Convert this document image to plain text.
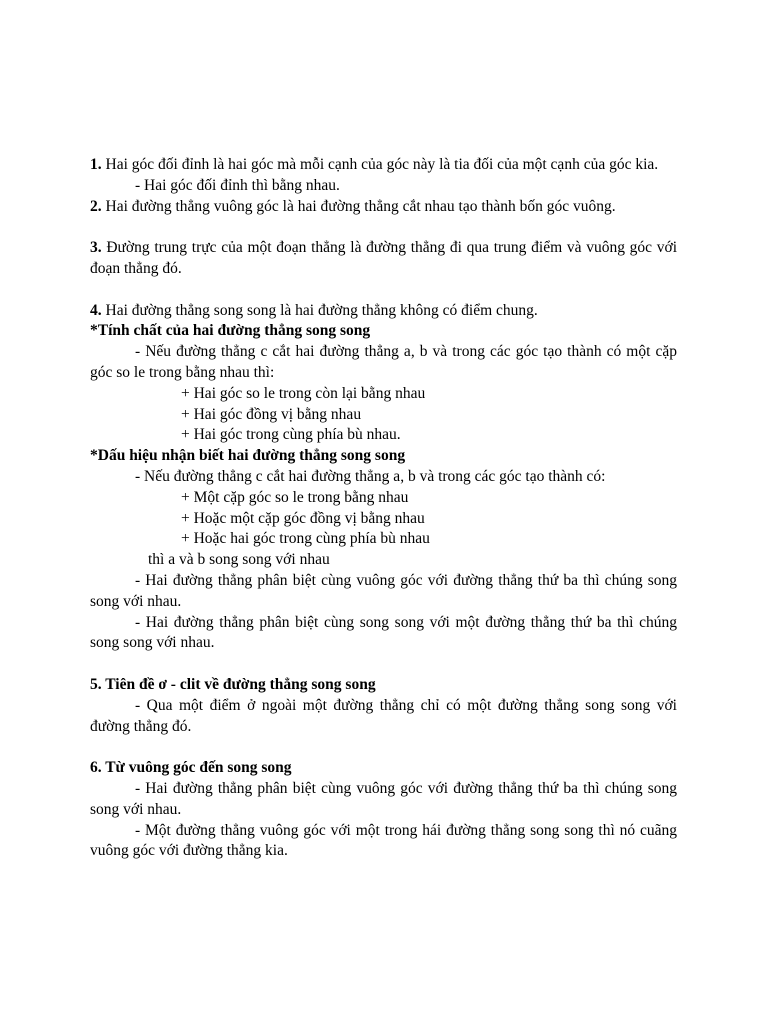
1. Hai góc đối đỉnh là hai góc mà mỗi cạnh của góc này là tia đối của một cạnh của góc kia.

- Hai góc đối đỉnh thì bằng nhau.

2. Hai đường thẳng vuông góc là hai đường thẳng cắt nhau tạo thành bốn góc vuông.

3. Đường trung trực của một đoạn thẳng là đường thẳng đi qua trung điểm và vuông góc với đoạn thẳng đó.

4. Hai đường thẳng song song là hai đường thẳng không có điểm chung.

*Tính chất của hai đường thẳng song song

- Nếu đường thẳng c cắt hai đường thẳng a, b và trong các góc tạo thành có một cặp góc so le trong bằng nhau thì:

+ Hai góc so le trong còn lại bằng nhau

+ Hai góc đồng vị bằng nhau

+ Hai góc trong cùng phía bù nhau.

*Dấu hiệu nhận biết hai đường thẳng song song

- Nếu đường thẳng c cắt hai đường thẳng a, b và trong các góc tạo thành có:

+ Một cặp góc so le trong bằng nhau

+ Hoặc một cặp góc đồng vị bằng nhau

+ Hoặc hai góc trong cùng phía bù nhau

thì a và b song song với nhau

- Hai đường thẳng phân biệt cùng vuông góc với đường thẳng thứ ba thì chúng song song với nhau.

- Hai đường thẳng phân biệt cùng song song với một đường thẳng thứ ba thì chúng song song với nhau.

5. Tiên đề ơ - clit về đường thẳng song song

- Qua một điểm ở ngoài một đường thẳng chỉ có một đường thẳng song song với đường thẳng đó.

6. Từ vuông góc đến song song

- Hai đường thẳng phân biệt cùng vuông góc với đường thẳng thứ ba thì chúng song song với nhau.

- Một đường thẳng vuông góc với một trong hái đường thẳng song song thì nó cuãng vuông góc với đường thẳng kia.
